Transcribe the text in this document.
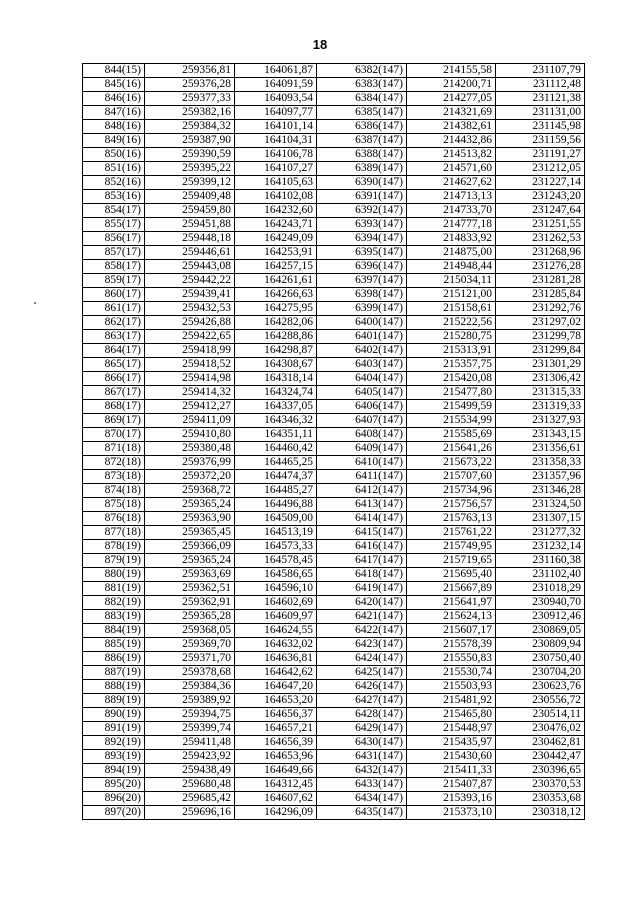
18
844(15)	259356,81	164061,87	6382(147)	214155,58	231107,79
845(16)	259376,28	164091,59	6383(147)	214200,71	231112,48
846(16)	259377,33	164093,54	6384(147)	214277,05	231121,38
847(16)	259382,16	164097,77	6385(147)	214321,69	231131,00
848(16)	259384,32	164101,14	6386(147)	214382,61	231145,98
849(16)	259387,90	164104,31	6387(147)	214432,86	231159,56
850(16)	259390,59	164106,78	6388(147)	214513,82	231191,27
851(16)	259395,22	164107,27	6389(147)	214571,60	231212,05
852(16)	259399,12	164105,63	6390(147)	214627,62	231227,14
853(16)	259409,48	164102,08	6391(147)	214713,13	231243,20
854(17)	259459,80	164232,60	6392(147)	214733,70	231247,64
855(17)	259451,88	164243,71	6393(147)	214777,18	231251,55
856(17)	259448,18	164249,09	6394(147)	214833,92	231262,53
857(17)	259446,61	164253,91	6395(147)	214875,00	231268,96
858(17)	259443,08	164257,15	6396(147)	214948,44	231276,28
859(17)	259442,22	164261,61	6397(147)	215034,11	231281,28
860(17)	259439,41	164266,63	6398(147)	215121,00	231285,84
861(17)	259432,53	164275,95	6399(147)	215158,61	231292,76
862(17)	259426,88	164282,06	6400(147)	215222,56	231297,02
863(17)	259422,65	164288,86	6401(147)	215280,75	231299,78
864(17)	259418,99	164298,87	6402(147)	215313,91	231299,84
865(17)	259418,52	164308,67	6403(147)	215357,75	231301,29
866(17)	259414,98	164318,14	6404(147)	215420,08	231306,42
867(17)	259414,32	164324,74	6405(147)	215477,80	231315,33
868(17)	259412,27	164337,05	6406(147)	215499,59	231319,33
869(17)	259411,09	164346,32	6407(147)	215534,99	231327,93
870(17)	259410,80	164351,11	6408(147)	215585,69	231343,15
871(18)	259380,48	164460,42	6409(147)	215641,26	231356,61
872(18)	259376,99	164465,25	6410(147)	215673,22	231358,33
873(18)	259372,20	164474,37	6411(147)	215707,60	231357,96
874(18)	259368,72	164485,27	6412(147)	215734,96	231346,28
875(18)	259365,24	164496,88	6413(147)	215756,57	231324,50
876(18)	259363,90	164509,00	6414(147)	215763,13	231307,15
877(18)	259365,45	164513,19	6415(147)	215761,22	231277,32
878(19)	259366,09	164573,33	6416(147)	215749,95	231232,14
879(19)	259365,24	164578,45	6417(147)	215719,65	231160,38
880(19)	259363,69	164586,65	6418(147)	215695,40	231102,40
881(19)	259362,51	164596,10	6419(147)	215667,89	231018,29
882(19)	259362,91	164602,69	6420(147)	215641,97	230940,70
883(19)	259365,28	164609,97	6421(147)	215624,13	230912,46
884(19)	259368,05	164624,55	6422(147)	215607,17	230869,05
885(19)	259369,70	164632,02	6423(147)	215578,39	230809,94
886(19)	259371,70	164636,81	6424(147)	215550,83	230750,40
887(19)	259378,68	164642,62	6425(147)	215530,74	230704,20
888(19)	259384,36	164647,20	6426(147)	215503,93	230623,76
889(19)	259389,92	164653,20	6427(147)	215481,92	230556,72
890(19)	259394,75	164656,37	6428(147)	215465,80	230514,11
891(19)	259399,74	164657,21	6429(147)	215448,97	230476,02
892(19)	259411,48	164656,39	6430(147)	215435,97	230462,81
893(19)	259423,92	164653,96	6431(147)	215430,60	230442,47
894(19)	259438,49	164649,66	6432(147)	215411,33	230396,65
895(20)	259680,48	164312,45	6433(147)	215407,87	230370,53
896(20)	259685,42	164607,62	6434(147)	215393,16	230353,68
897(20)	259696,16	164296,09	6435(147)	215373,10	230318,12
